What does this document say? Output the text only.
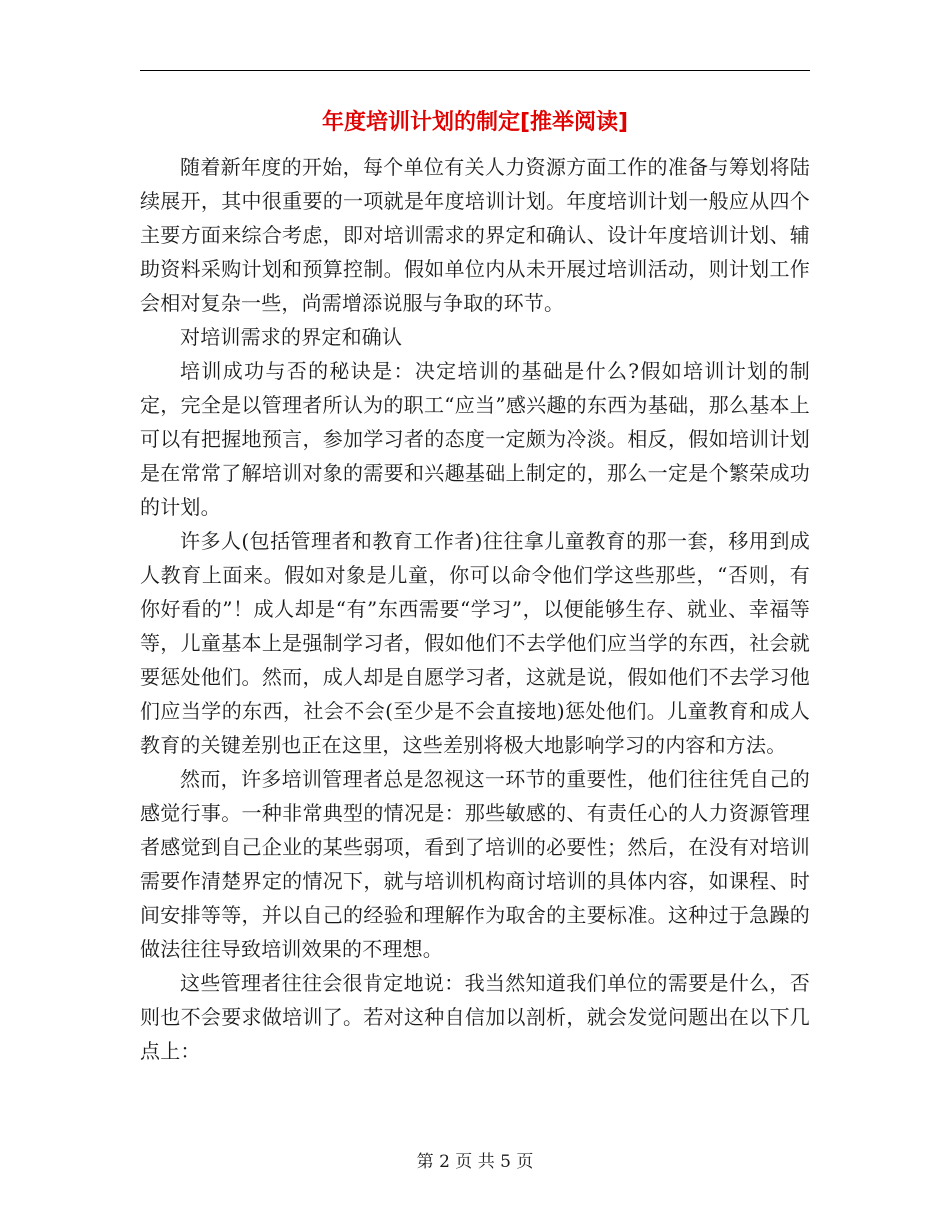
年度培训计划的制定[推举阅读]

随着新年度的开始，每个单位有关人力资源方面工作的准备与筹划将陆续展开，其中很重要的一项就是年度培训计划。年度培训计划一般应从四个主要方面来综合考虑，即对培训需求的界定和确认、设计年度培训计划、辅助资料采购计划和预算控制。假如单位内从未开展过培训活动，则计划工作会相对复杂一些，尚需增添说服与争取的环节。

对培训需求的界定和确认

培训成功与否的秘诀是：决定培训的基础是什么?假如培训计划的制定，完全是以管理者所认为的职工“应当”感兴趣的东西为基础，那么基本上可以有把握地预言，参加学习者的态度一定颇为冷淡。相反，假如培训计划是在常常了解培训对象的需要和兴趣基础上制定的，那么一定是个繁荣成功的计划。

许多人(包括管理者和教育工作者)往往拿儿童教育的那一套，移用到成人教育上面来。假如对象是儿童，你可以命令他们学这些那些，“否则，有你好看的”！成人却是“有”东西需要“学习”，以便能够生存、就业、幸福等等，儿童基本上是强制学习者，假如他们不去学他们应当学的东西，社会就要惩处他们。然而，成人却是自愿学习者，这就是说，假如他们不去学习他们应当学的东西，社会不会(至少是不会直接地)惩处他们。儿童教育和成人教育的关键差别也正在这里，这些差别将极大地影响学习的内容和方法。

然而，许多培训管理者总是忽视这一环节的重要性，他们往往凭自己的感觉行事。一种非常典型的情况是：那些敏感的、有责任心的人力资源管理者感觉到自己企业的某些弱项，看到了培训的必要性；然后，在没有对培训需要作清楚界定的情况下，就与培训机构商讨培训的具体内容，如课程、时间安排等等，并以自己的经验和理解作为取舍的主要标准。这种过于急躁的做法往往导致培训效果的不理想。

这些管理者往往会很肯定地说：我当然知道我们单位的需要是什么，否则也不会要求做培训了。若对这种自信加以剖析，就会发觉问题出在以下几点上：

第 2 页 共 5 页
